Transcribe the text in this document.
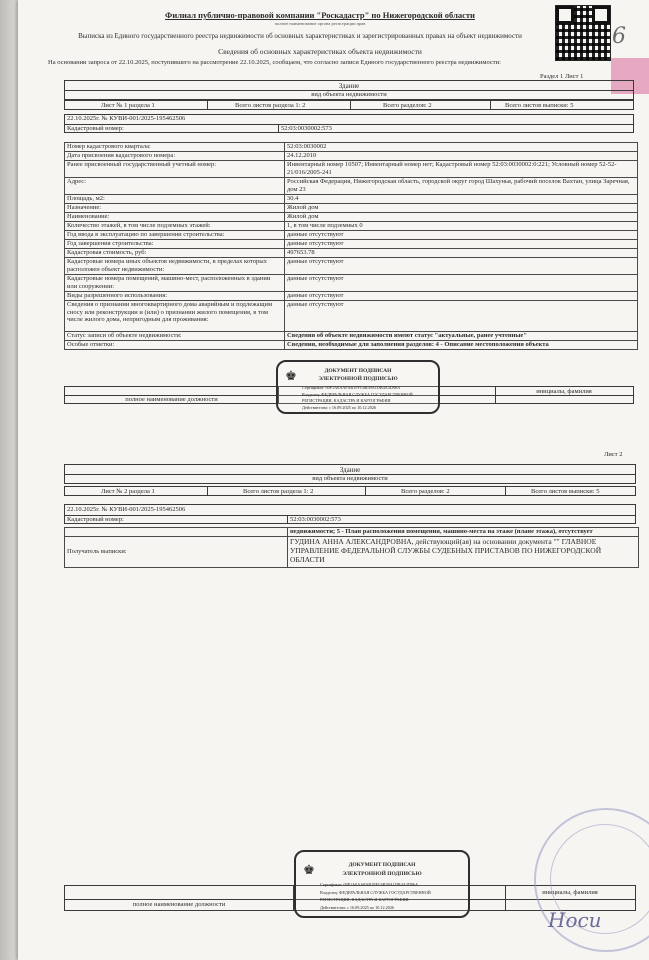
6
Филиал публично-правовой компании "Роскадастр" по Нижегородской области
полное наименование органа регистрации прав
Выписка из Единого государственного реестра недвижимости об основных характеристиках и зарегистрированных правах на объект недвижимости
Сведения об основных характеристиках объекта недвижимости
На основании запроса от 22.10.2025, поступившего на рассмотрение 22.10.2025, сообщаем, что согласно записи Единого государственного реестра недвижимости:
Раздел 1 Лист 1
Здание
вид объекта недвижимости
Лист № 1 раздела 1	Всего листов раздела 1: 2	Всего разделов: 2	Всего листов выписки: 5
22.10.2025г. № КУВИ-001/2025-195462506
Кадастровый номер:	52:03:0030002:573
Номер кадастрового квартала:	52:03:0030002
Дата присвоения кадастрового номера:	24.12.2010
Ранее присвоенный государственный учетный номер:	Инвентарный номер 10507; Инвентарный номер нет; Кадастровый номер 52:03:0030002:0:221; Условный номер 52-52-21/016/2005-241
Адрес:	Российская Федерация, Нижегородская область, городской округ город Шахунья, рабочий поселок Вахтан, улица Заречная, дом 23
Площадь, м2:	30.4
Назначение:	Жилой дом
Наименование:	Жилой дом
Количество этажей, в том числе подземных этажей:	1, в том числе подземных 0
Год ввода в эксплуатацию по завершении строительства:	данные отсутствуют
Год завершения строительства:	данные отсутствуют
Кадастровая стоимость, руб:	497653.78
Кадастровые номера иных объектов недвижимости, в пределах которых расположен объект недвижимости:	данные отсутствуют
Кадастровые номера помещений, машино-мест, расположенных в здании или сооружении:	данные отсутствуют
Виды разрешенного использования:	данные отсутствуют
Сведения о признании многоквартирного дома аварийным и подлежащим сносу или реконструкции и (или) о признании жилого помещения, в том числе жилого дома, непригодным для проживания:	данные отсутствуют
Статус записи об объекте недвижимости:	Сведения об объекте недвижимости имеют статус "актуальные, ранее учтенные"
Особые отметки:	Сведения, необходимые для заполнения разделов: 4 - Описание местоположения объекта
полное наименование должности
инициалы, фамилия
♚	ДОКУМЕНТ ПОДПИСАН
ЭЛЕКТРОННОЙ ПОДПИСЬЮ
Сертификат: 00F1A0AAFAB1FFC6B39A1DB4A3D96A
Владелец: ФЕДЕРАЛЬНАЯ СЛУЖБА ГОСУДАРСТВЕННОЙ
РЕГИСТРАЦИИ, КАДАСТРА И КАРТОГРАФИИ
Действителен: с 16.09.2025 по 10.12.2026
Лист 2
Здание
вид объекта недвижимости
Лист № 2 раздела 1	Всего листов раздела 1: 2	Всего разделов: 2	Всего листов выписки: 5
22.10.2025г. № КУВИ-001/2025-195462506
Кадастровый номер:	52:03:0030002:573
	недвижимости; 5 - План расположения помещения, машино-места на этаже (плане этажа), отсутствует
Получатель выписки:	ГУДИНА АННА АЛЕКСАНДРОВНА, действующий(ая) на основании документа "" ГЛАВНОЕ УПРАВЛЕНИЕ ФЕДЕРАЛЬНОЙ СЛУЖБЫ СУДЕБНЫХ ПРИСТАВОВ ПО НИЖЕГОРОДСКОЙ ОБЛАСТИ
полное наименование должности
инициалы, фамилия
♚	ДОКУМЕНТ ПОДПИСАН
ЭЛЕКТРОННОЙ ПОДПИСЬЮ
Сертификат: 00F1A0AAFAB1FFC6B39A1DB4A3D96A
Владелец: ФЕДЕРАЛЬНАЯ СЛУЖБА ГОСУДАРСТВЕННОЙ
РЕГИСТРАЦИИ, КАДАСТРА И КАРТОГРАФИИ
Действителен: с 16.09.2025 по 10.12.2026
Носи
